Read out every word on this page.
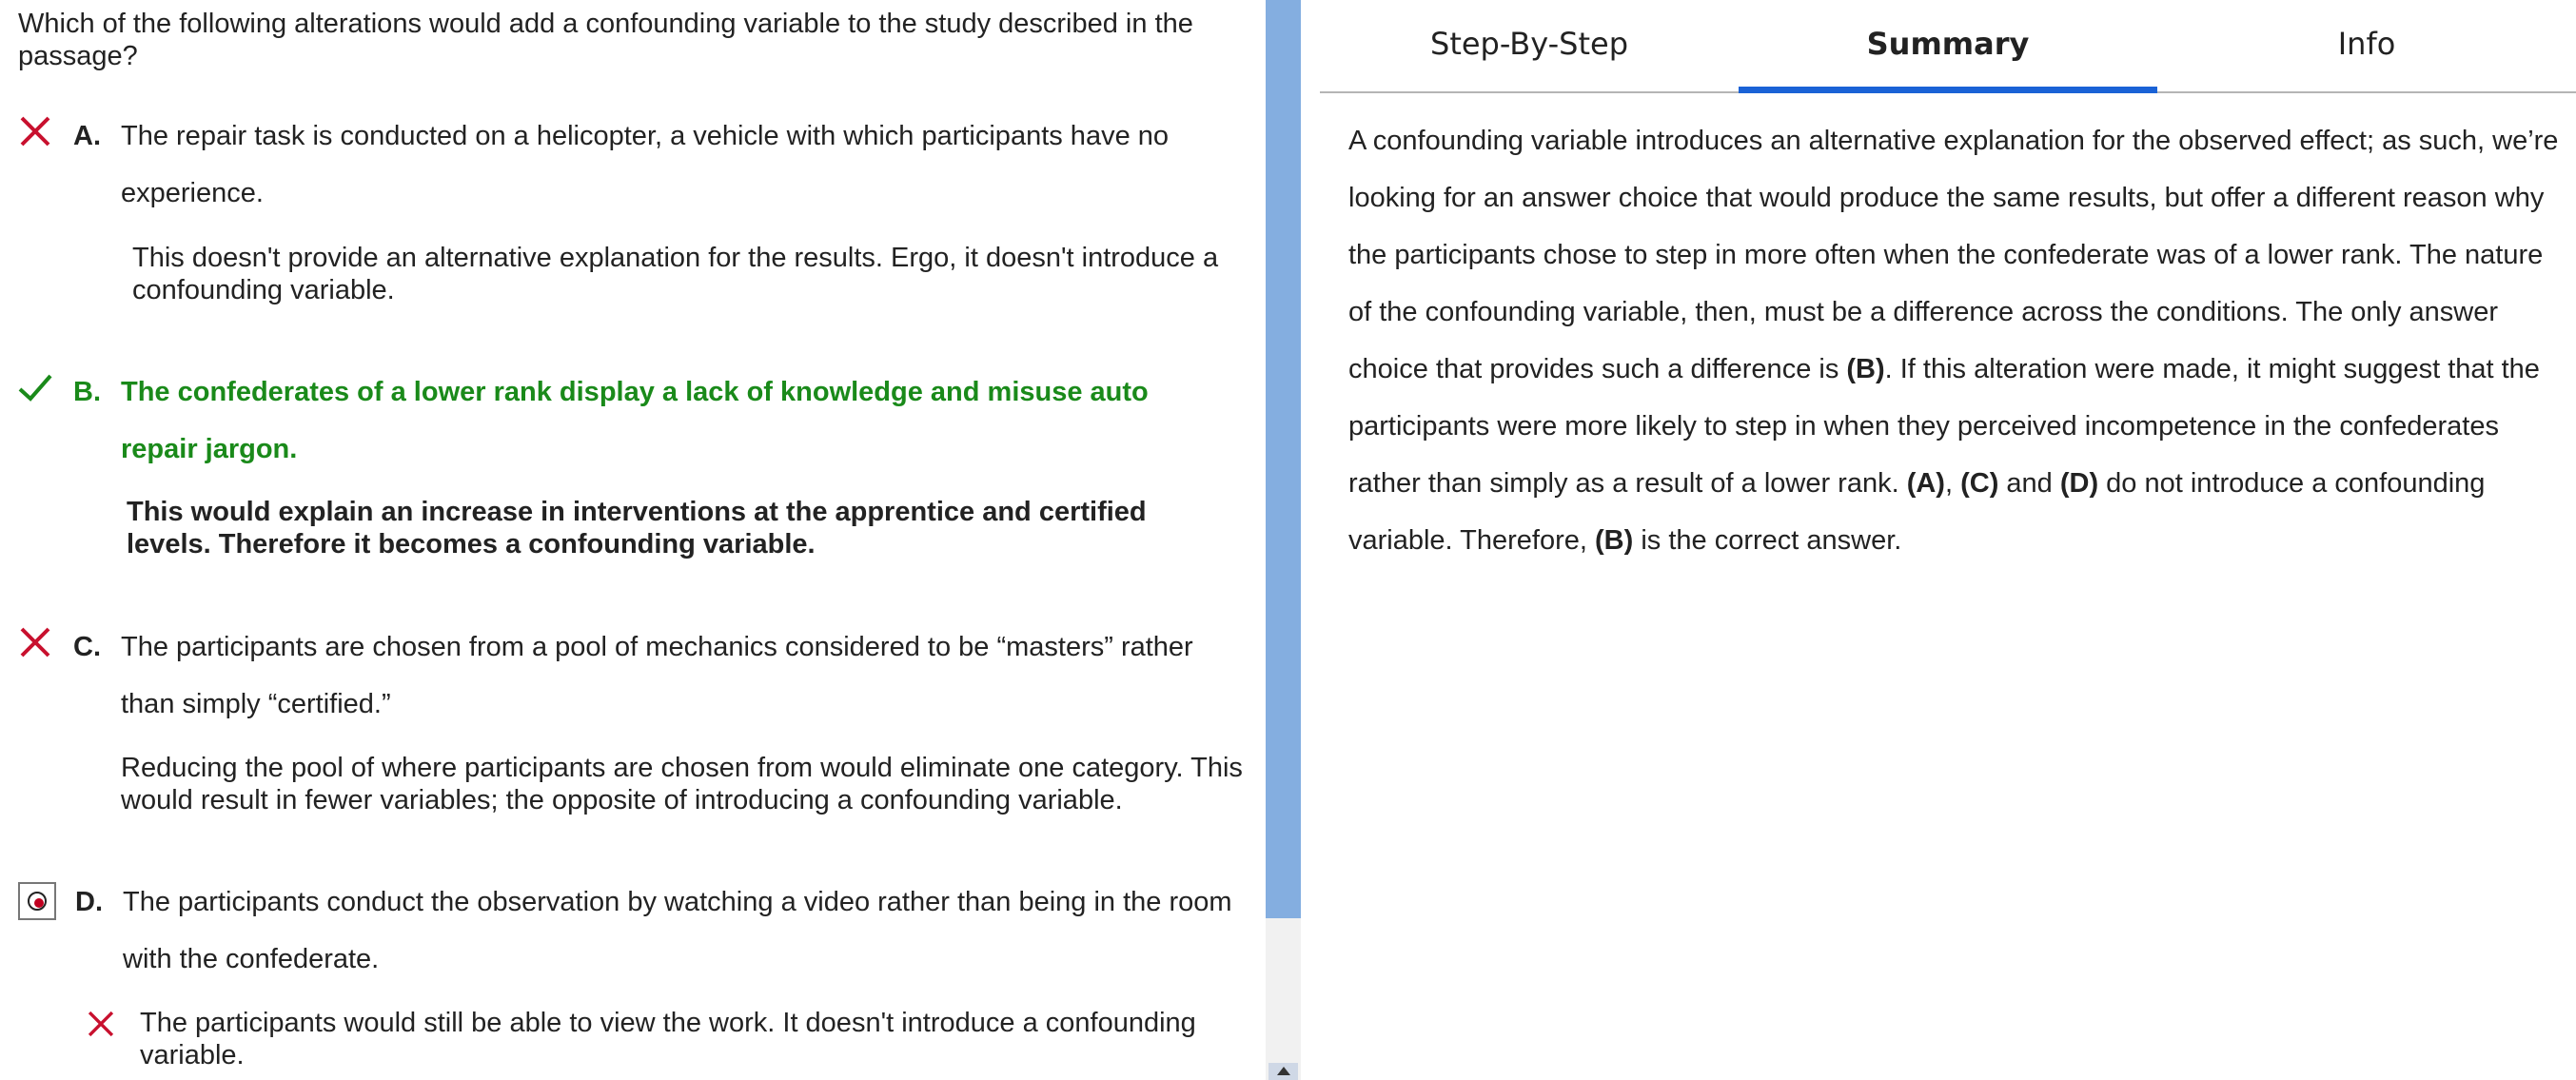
Which of the following alterations would add a confounding variable to the study described in the passage?
A. The repair task is conducted on a helicopter, a vehicle with which participants have no experience.
This doesn't provide an alternative explanation for the results. Ergo, it doesn't introduce a confounding variable.
B. The confederates of a lower rank display a lack of knowledge and misuse auto repair jargon.
This would explain an increase in interventions at the apprentice and certified levels. Therefore it becomes a confounding variable.
C. The participants are chosen from a pool of mechanics considered to be “masters” rather than simply “certified.”
Reducing the pool of where participants are chosen from would eliminate one category. This would result in fewer variables; the opposite of introducing a confounding variable.
D. The participants conduct the observation by watching a video rather than being in the room with the confederate.
The participants would still be able to view the work. It doesn't introduce a confounding variable.
Step-By-Step	Summary	Info
A confounding variable introduces an alternative explanation for the observed effect; as such, we’re looking for an answer choice that would produce the same results, but offer a different reason why the participants chose to step in more often when the confederate was of a lower rank. The nature of the confounding variable, then, must be a difference across the conditions. The only answer choice that provides such a difference is (B). If this alteration were made, it might suggest that the participants were more likely to step in when they perceived incompetence in the confederates rather than simply as a result of a lower rank. (A), (C) and (D) do not introduce a confounding variable. Therefore, (B) is the correct answer.
